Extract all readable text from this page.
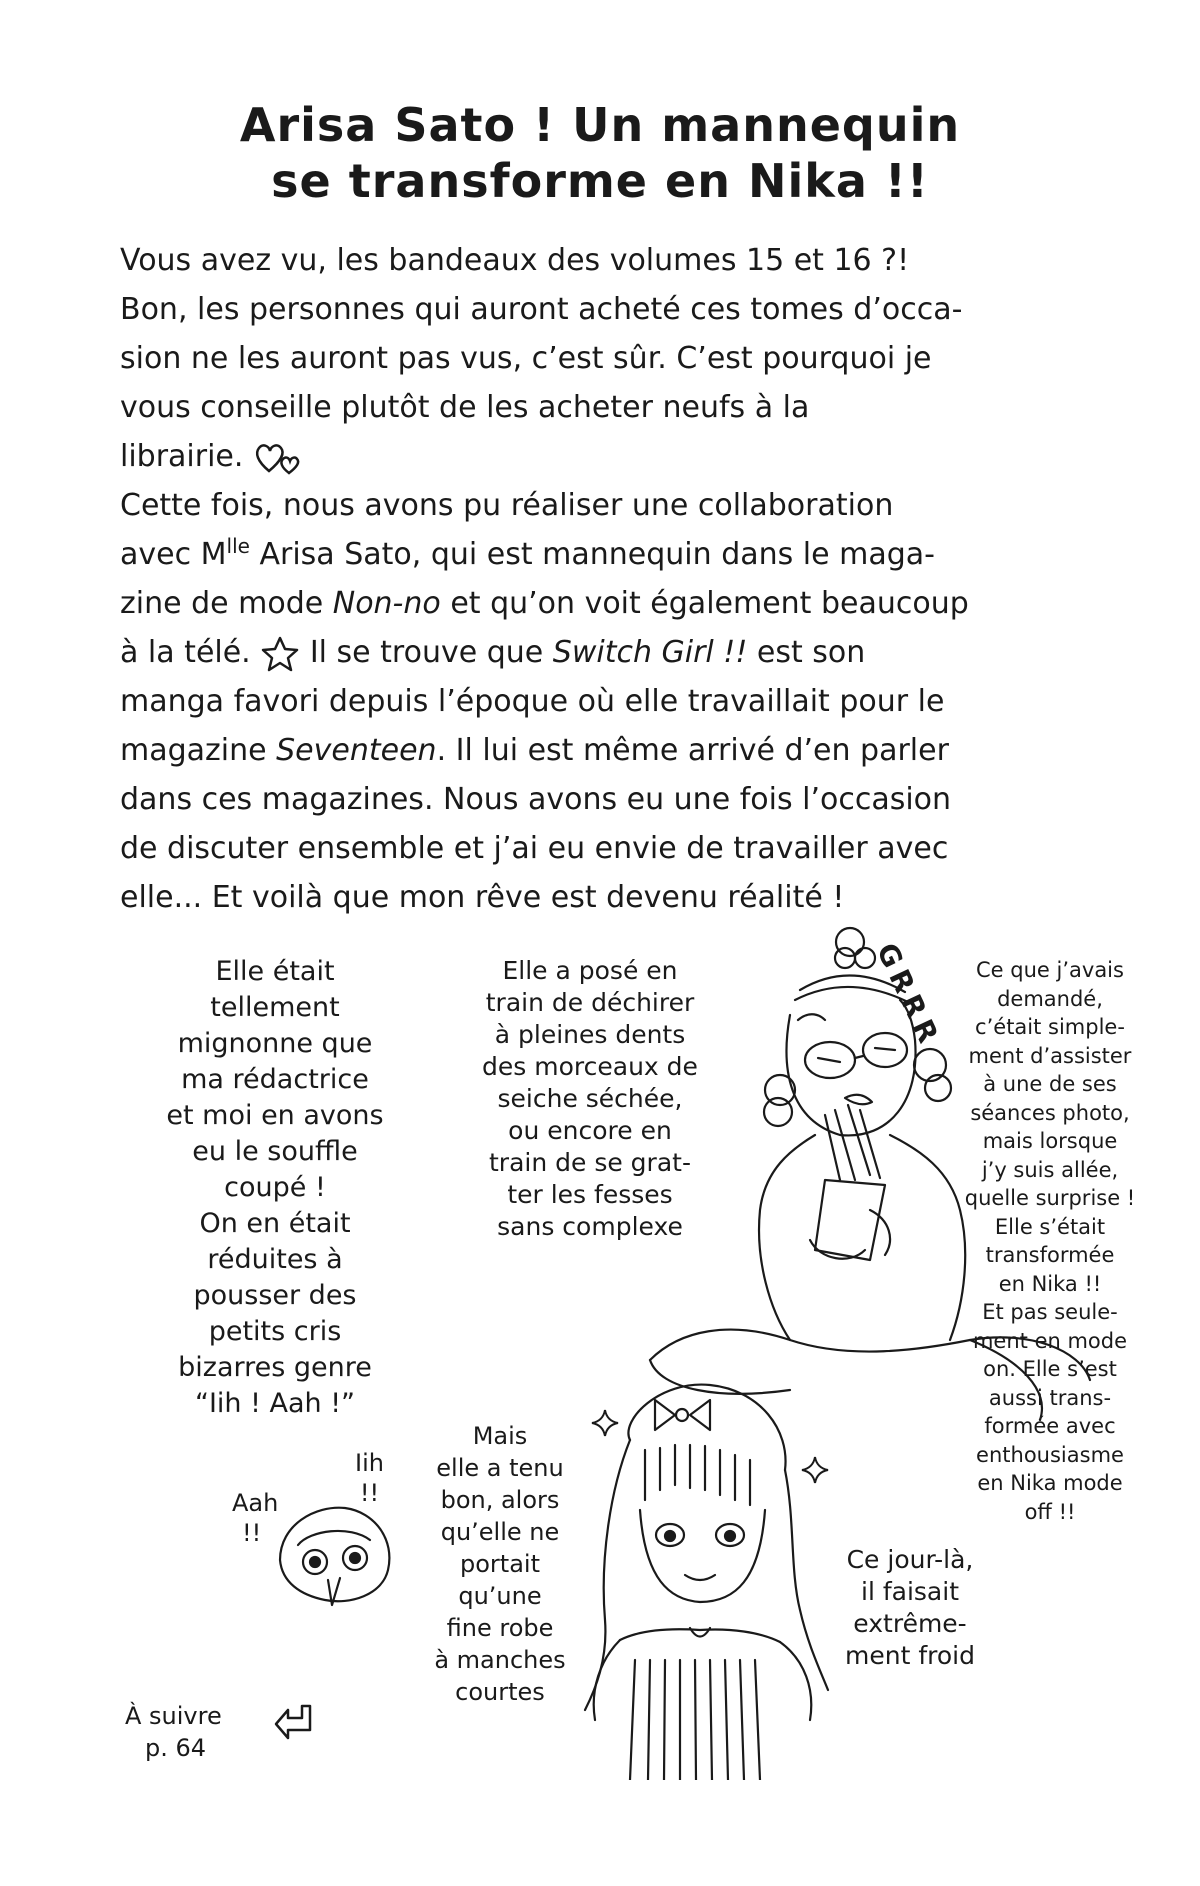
Arisa Sato ! Un mannequin
se transforme en Nika !!
Vous avez vu, les bandeaux des volumes 15 et 16 ?!
Bon, les personnes qui auront acheté ces tomes d’occa-
sion ne les auront pas vus, c’est sûr. C’est pourquoi je
vous conseille plutôt de les acheter neufs à la
librairie.
Cette fois, nous avons pu réaliser une collaboration
avec $M^{lle}$ Arisa Sato, qui est mannequin dans le maga-
zine de mode Non-no et qu’on voit également beaucoup
à la télé. Il se trouve que Switch Girl !! est son
manga favori depuis l’époque où elle travaillait pour le
magazine Seventeen. Il lui est même arrivé d’en parler
dans ces magazines. Nous avons eu une fois l’occasion
de discuter ensemble et j’ai eu envie de travailler avec
elle... Et voilà que mon rêve est devenu réalité !
GRRR
Iih
!!
Aah
!!
Elle était
tellement
mignonne que
ma rédactrice
et moi en avons
eu le souffle
coupé !
On en était
réduites à
pousser des
petits cris
bizarres genre
“Iih ! Aah !”
Elle a posé en
train de déchirer
à pleines dents
des morceaux de
seiche séchée,
ou encore en
train de se grat-
ter les fesses
sans complexe
Ce que j’avais
demandé,
c’était simple-
ment d’assister
à une de ses
séances photo,
mais lorsque
j’y suis allée,
quelle surprise !
Elle s’était
transformée
en Nika !!
Et pas seule-
ment en mode
on. Elle s’est
aussi trans-
formée avec
enthousiasme
en Nika mode
off !!
Mais
elle a tenu
bon, alors
qu’elle ne
portait
qu’une
fine robe
à manches
courtes
Ce jour-là,
il faisait
extrême-
ment froid
À suivre
p. 64
